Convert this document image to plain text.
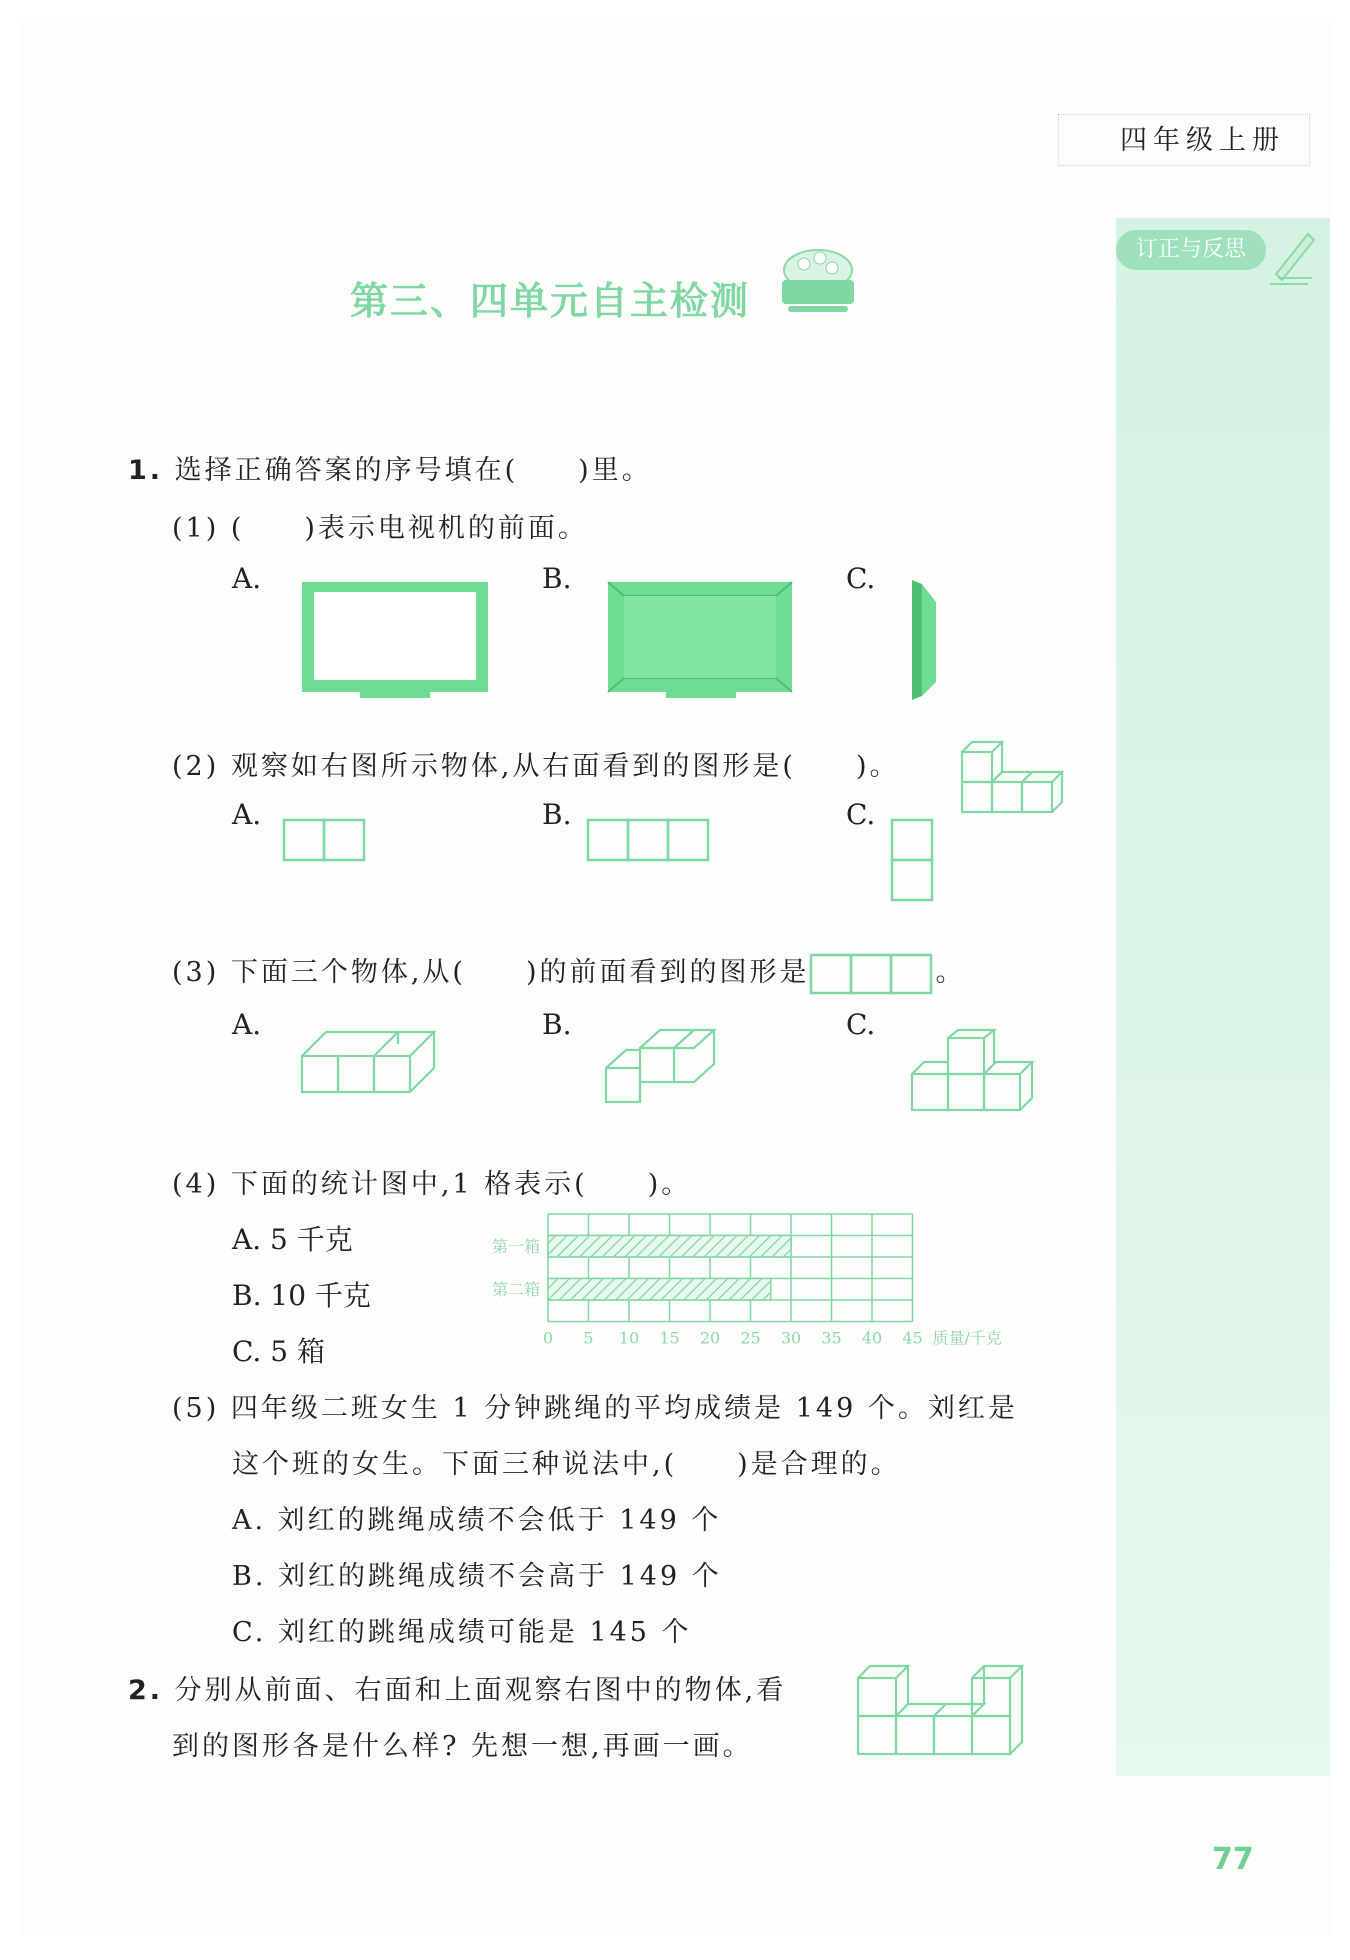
四年级上册
订正与反思
第三、四单元自主检测
1. 选择正确答案的序号填在(　　)里。
(1) (　　)表示电视机的前面。
A.	B.	C.
(2) 观察如右图所示物体,从右面看到的图形是(　　)。
A.	B.	C.
(3) 下面三个物体,从(　　)的前面看到的图形是	。
A.	B.	C.
(4) 下面的统计图中,1 格表示(　　)。
A. 5 千克
B. 10 千克
C. 5 箱
第一箱
第二箱
0 5 10 15 20 25 30 35 40 45 质量/千克
(5) 四年级二班女生 1 分钟跳绳的平均成绩是 149 个。刘红是
这个班的女生。下面三种说法中,(　　)是合理的。
A. 刘红的跳绳成绩不会低于 149 个
B. 刘红的跳绳成绩不会高于 149 个
C. 刘红的跳绳成绩可能是 145 个
2. 分别从前面、右面和上面观察右图中的物体,看
到的图形各是什么样? 先想一想,再画一画。
77
